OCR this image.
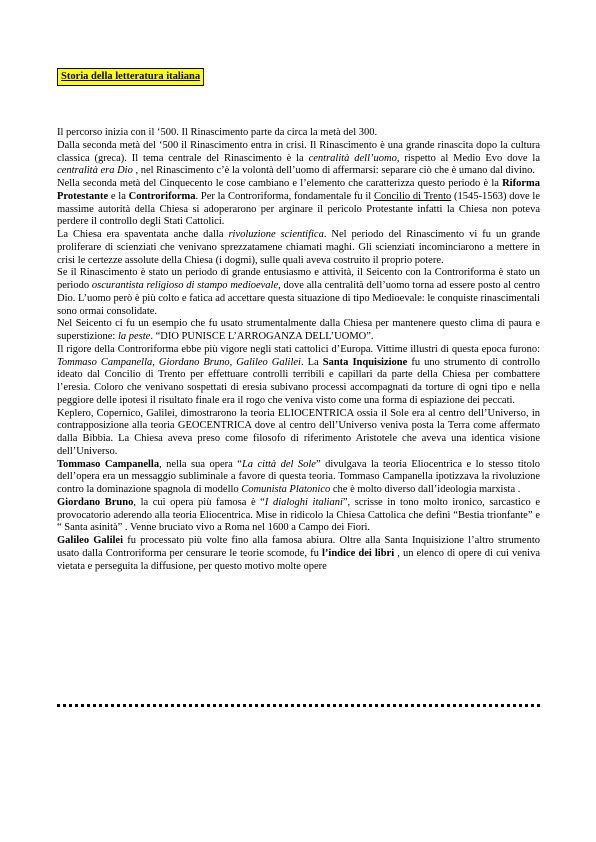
Storia della letteratura italiana

Il percorso inizia con il ‘500. Il Rinascimento parte da circa la metà del 300.

Dalla seconda metà del ‘500 il Rinascimento entra in crisi. Il Rinascimento è una grande rinascita dopo la cultura classica (greca). Il tema centrale del Rinascimento è la centralità dell’uomo, rispetto al Medio Evo dove la centralità era Dio , nel Rinascimento c’è la volontà dell’uomo di affermarsi: separare ciò che è umano dal divino.

Nella seconda metà del Cinquecento le cose cambiano e l’elemento che caratterizza questo periodo è la Riforma Protestante e la Controriforma. Per la Controriforma, fondamentale fu il Concilio di Trento (1545-1563) dove le massime autorità della Chiesa si adoperarono per arginare il pericolo Protestante infatti la Chiesa non poteva perdere il controllo degli Stati Cattolici.

La Chiesa era spaventata anche dalla rivoluzione scientifica. Nel periodo del Rinascimento vi fu un grande proliferare di scienziati che venivano sprezzatamene chiamati maghi. Gli scienziati incominciarono a mettere in crisi le certezze assolute della Chiesa (i dogmi), sulle quali aveva costruito il proprio potere.

Se il Rinascimento è stato un periodo di grande entusiasmo e attività, il Seicento con la Controriforma è stato un periodo oscurantista religioso di stampo medioevale, dove alla centralità dell’uomo torna ad essere posto al centro Dio. L’uomo però è più colto e fatica ad accettare questa situazione di tipo Medioevale: le conquiste rinascimentali sono ormai consolidate.

Nel Seicento ci fu un esempio che fu usato strumentalmente dalla Chiesa per mantenere questo clima di paura e superstizione: la peste. “DIO PUNISCE L’ARROGANZA DELL’UOMO”.

Il rigore della Controriforma ebbe più vigore negli stati cattolici d’Europa. Vittime illustri di questa epoca furono: Tommaso Campanella, Giordano Bruno, Galileo Galilei. La Santa Inquisizione fu uno strumento di controllo ideato dal Concilio di Trento per effettuare controlli terribili e capillari da parte della Chiesa per combattere l’eresia. Coloro che venivano sospettati di eresia subivano processi accompagnati da torture di ogni tipo e nella peggiore delle ipotesi il risultato finale era il rogo che veniva visto come una forma di espiazione dei peccati.

Keplero, Copernico, Galilei, dimostrarono la teoria ELIOCENTRICA ossia il Sole era al centro dell’Universo, in contrapposizione alla teoria GEOCENTRICA dove al centro dell’Universo veniva posta la Terra come affermato dalla Bibbia. La Chiesa aveva preso come filosofo di riferimento Aristotele che aveva una identica visione dell’Universo.

Tommaso Campanella, nella sua opera “La città del Sole” divulgava la teoria Eliocentrica e lo stesso titolo dell’opera era un messaggio subliminale a favore di questa teoria. Tommaso Campanella ipotizzava la rivoluzione contro la dominazione spagnola di modello Comunista Platonico che è molto diverso dall’ideologia marxista .

Giordano Bruno, la cui opera più famosa è “I dialoghi italiani”, scrisse in tono molto ironico, sarcastico e provocatorio aderendo alla teoria Eliocentrica. Mise in ridicolo la Chiesa Cattolica che definì “Bestia trionfante” e “ Santa asinità” . Venne bruciato vivo a Roma nel 1600 a Campo dei Fiori.

Galileo Galilei fu processato più volte fino alla famosa abiura. Oltre alla Santa Inquisizione l’altro strumento usato dalla Controriforma per censurare le teorie scomode, fu l’indice dei libri , un elenco di opere di cui veniva vietata e perseguita la diffusione, per questo motivo molte opere
